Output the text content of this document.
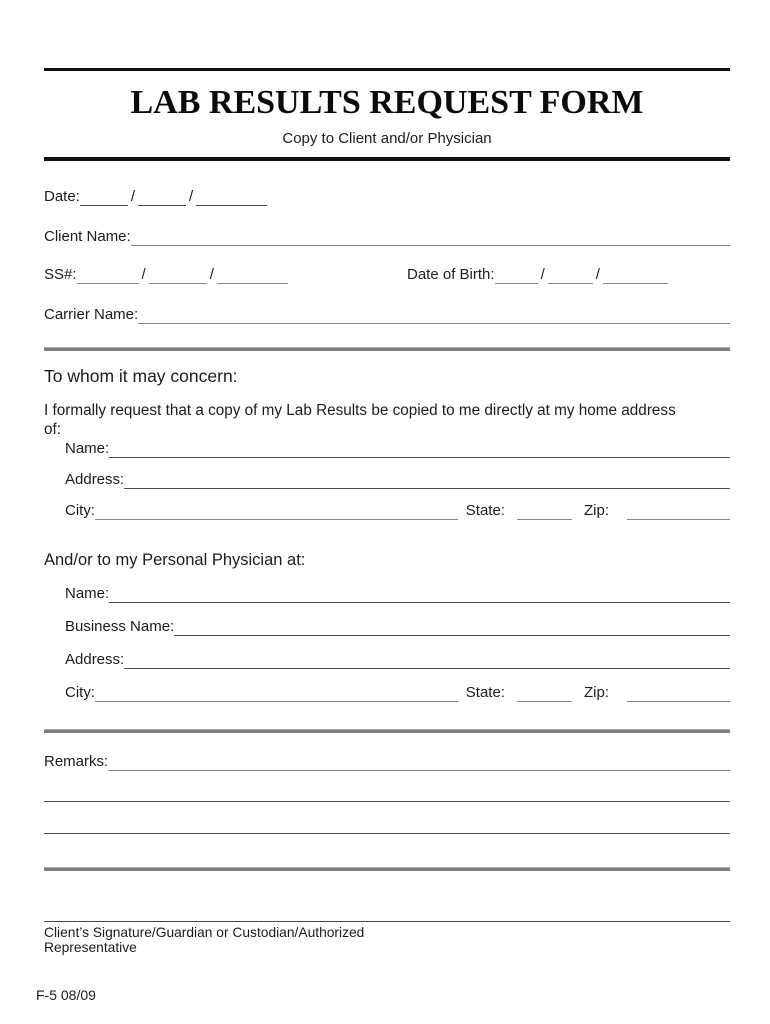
LAB RESULTS REQUEST FORM
Copy to Client and/or Physician
Date:	/	/
Client Name:
SS#:	/	/	Date of Birth:	/	/
Carrier Name:
To whom it may concern:
I formally request that a copy of my Lab Results be copied to me directly at my home address
of:
Name:
Address:
City:	State:	Zip:
And/or to my Personal Physician at:
Name:
Business Name:
Address:
City:	State:	Zip:
Remarks:
Client’s Signature/Guardian or Custodian/Authorized
Representative
F-5 08/09
